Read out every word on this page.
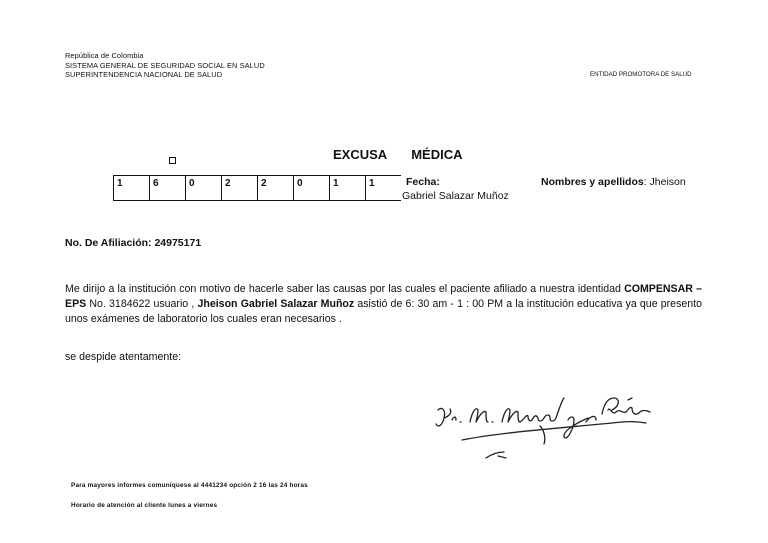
República de Colombia
SISTEMA GENERAL DE SEGURIDAD SOCIAL EN SALUD
SUPERINTENDENCIA NACIONAL DE SALUD	ENTIDAD PROMOTORA DE SALUD
EXCUSA MÉDICA
1	6	0	2	2	0	1	1	Fecha:	Nombres y apellidos: Jheison
Gabriel Salazar Muñoz
No. De Afiliación: 24975171
Me dirijo a la institución con motivo de hacerle saber las causas por las cuales el paciente afiliado a nuestra identidad COMPENSAR –EPS No. 3184622 usuario , Jheison Gabriel Salazar Muñoz asistió de 6: 30 am - 1 : 00 PM a la institución educativa ya que presento unos exámenes de laboratorio los cuales eran necesarios .
se despide atentamente:
Para mayores informes comuníquese al 4441234 opción 2 16 las 24 horas
Horario de atención al cliente lunes a viernes
